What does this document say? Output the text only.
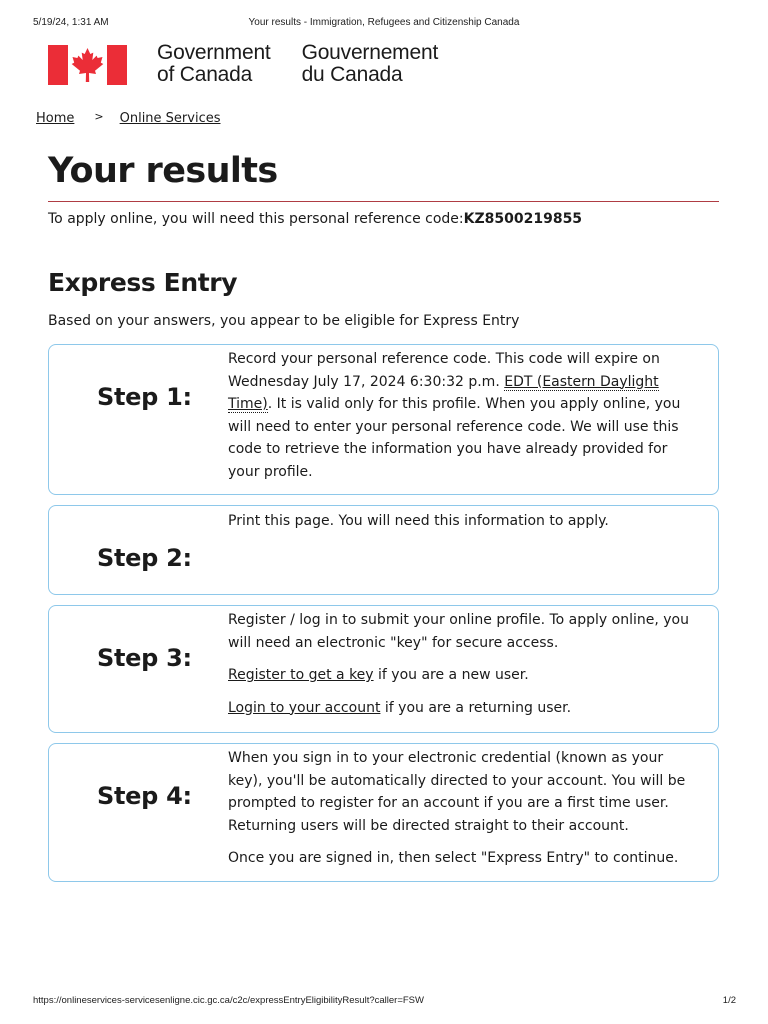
5/19/24, 1:31 AM	Your results - Immigration, Refugees and Citizenship Canada
Government
of Canada
Gouvernement
du Canada
Home > Online Services
Your results

To apply online, you will need this personal reference code:KZ8500219855

Express Entry

Based on your answers, you appear to be eligible for Express Entry

Step 1:

Record your personal reference code. This code will expire on Wednesday July 17, 2024 6:30:32 p.m. EDT (Eastern Daylight Time). It is valid only for this profile. When you apply online, you will need to enter your personal reference code. We will use this code to retrieve the information you have already provided for your profile.

Step 2:

Print this page. You will need this information to apply.

Step 3:

Register / log in to submit your online profile. To apply online, you will need an electronic "key" for secure access.

Register to get a key if you are a new user.

Login to your account if you are a returning user.

Step 4:

When you sign in to your electronic credential (known as your key), you'll be automatically directed to your account. You will be prompted to register for an account if you are a first time user. Returning users will be directed straight to their account.

Once you are signed in, then select "Express Entry" to continue.

https://onlineservices-servicesenligne.cic.gc.ca/c2c/expressEntryEligibilityResult?caller=FSW	1/2
